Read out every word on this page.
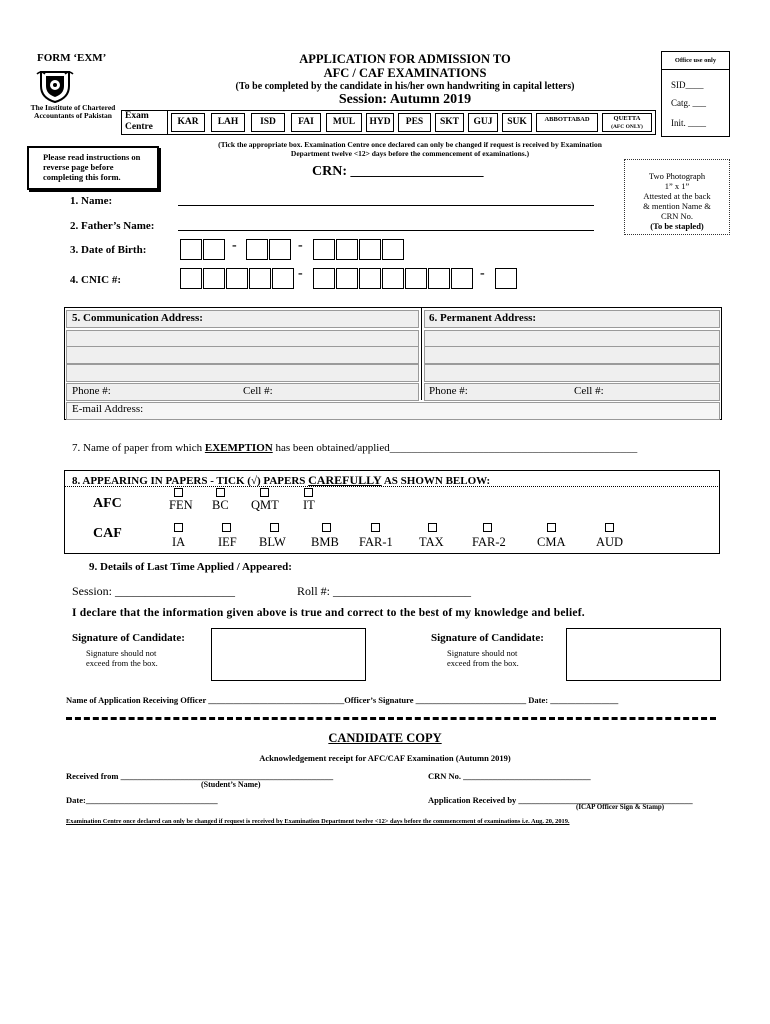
FORM ‘EXM’
The Institute of Chartered Accountants of Pakistan
APPLICATION FOR ADMISSION TO
AFC / CAF EXAMINATIONS
(To be completed by the candidate in his/her own handwriting in capital letters)
Session: Autumn 2019
Office use only
SID____
Catg. ___
Init. ____
Exam Centre	KAR	LAH	ISD	FAI	MUL	HYD	PES	SKT	GUJ	SUK	ABBOTTABAD	QUETTA
(AFC ONLY)
(Tick the appropriate box. Examination Centre once declared can only be changed if request is received by Examination Department twelve <12> days before the commencement of examinations.)
Please read instructions on reverse page before completing this form.	CRN: ___________________	Two Photograph
1” x 1”
Attested at the back
& mention Name &
CRN No.
(To be stapled)
1. Name:
2. Father’s Name:
3. Date of Birth:	-	-
4. CNIC #:	-	-
5. Communication Address:
Phone #:	Cell #:
6. Permanent Address:
Phone #:	Cell #:
E-mail Address:
7. Name of paper from which EXEMPTION has been obtained/applied_____________________________________________
8. APPEARING IN PAPERS - TICK (√) PAPERS CAREFULLY AS SHOWN BELOW:
AFC	FEN BC QMT IT
CAF
IA	IEF BLW BMB FAR-1 TAX FAR-2 CMA AUD
9. Details of Last Time Applied / Appeared:
Session: ____________________	Roll #: _______________________
I declare that the information given above is true and correct to the best of my knowledge and belief.
Signature of Candidate:
Signature should not
exceed from the box.
Signature of Candidate:
Signature should not
exceed from the box.
Name of Application Receiving Officer ________________________________Officer’s Signature __________________________ Date: ________________
CANDIDATE COPY
Acknowledgement receipt for AFC/CAF Examination (Autumn 2019)
Received from __________________________________________________
(Student’s Name)
CRN No. ______________________________
Date:_______________________________	Application Received by _________________________________________
(ICAP Officer Sign & Stamp)
Examination Centre once declared can only be changed if request is received by Examination Department twelve <12> days before the commencement of examinations i.e. Aug. 20, 2019.
